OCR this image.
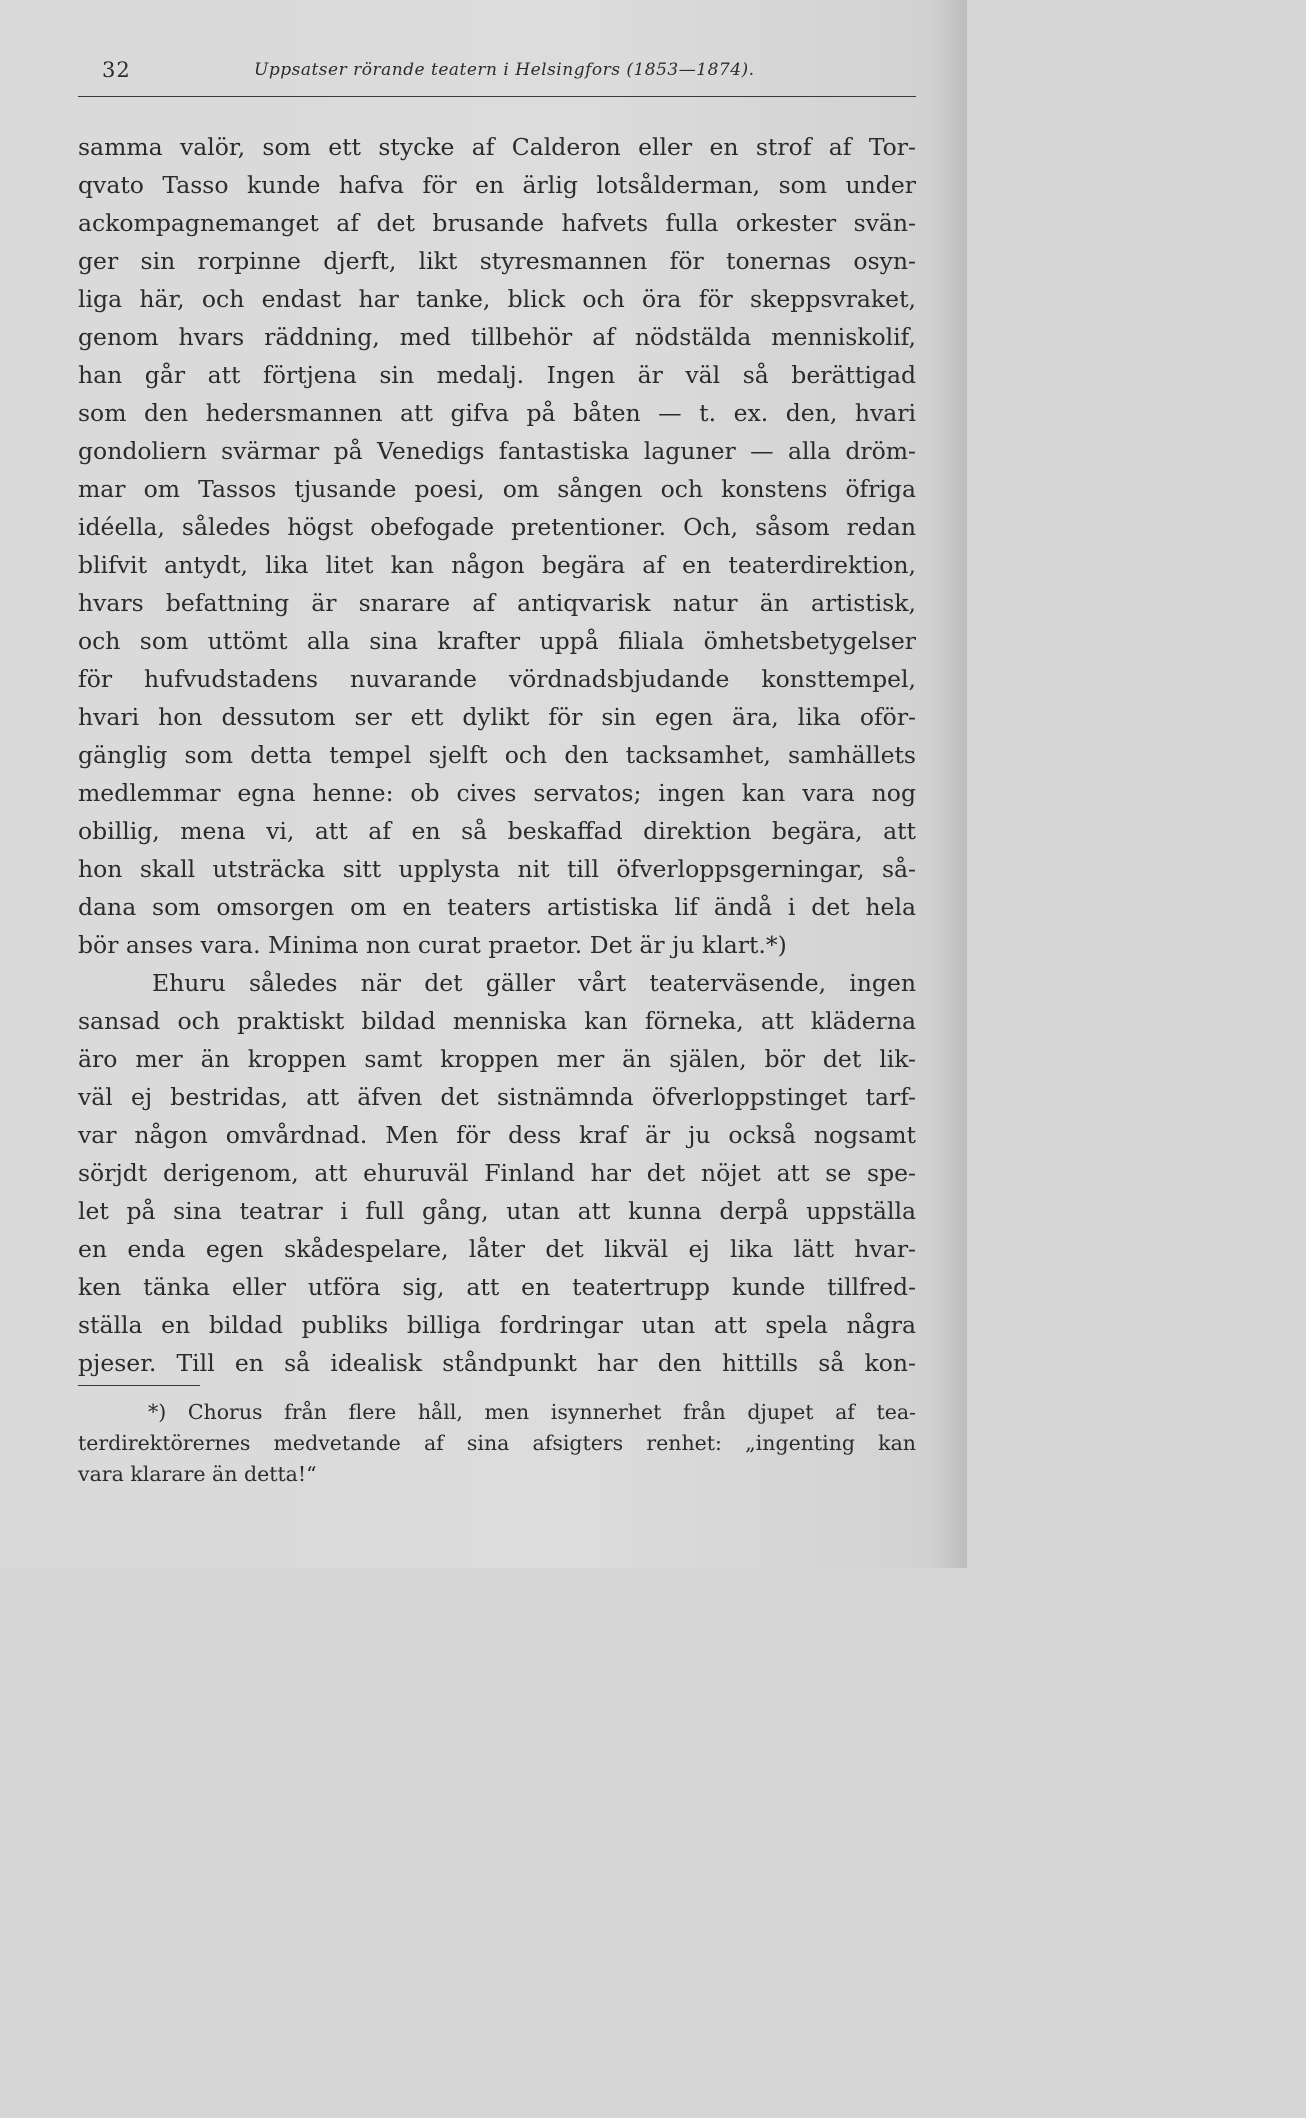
32	Uppsatser rörande teatern i Helsingfors (1853—1874).
samma valör, som ett stycke af Calderon eller en strof af Tor-
qvato Tasso kunde hafva för en ärlig lotsålderman, som under
ackompagnemanget af det brusande hafvets fulla orkester svän-
ger sin rorpinne djerft, likt styresmannen för tonernas osyn-
liga här, och endast har tanke, blick och öra för skeppsvraket,
genom hvars räddning, med tillbehör af nödstälda menniskolif,
han går att förtjena sin medalj. Ingen är väl så berättigad
som den hedersmannen att gifva på båten — t. ex. den, hvari
gondoliern svärmar på Venedigs fantastiska laguner — alla dröm-
mar om Tassos tjusande poesi, om sången och konstens öfriga
idéella, således högst obefogade pretentioner. Och, såsom redan
blifvit antydt, lika litet kan någon begära af en teaterdirektion,
hvars befattning är snarare af antiqvarisk natur än artistisk,
och som uttömt alla sina krafter uppå filiala ömhetsbetygelser
för hufvudstadens nuvarande vördnadsbjudande konsttempel,
hvari hon dessutom ser ett dylikt för sin egen ära, lika oför-
gänglig som detta tempel sjelft och den tacksamhet, samhällets
medlemmar egna henne: ob cives servatos; ingen kan vara nog
obillig, mena vi, att af en så beskaffad direktion begära, att
hon skall utsträcka sitt upplysta nit till öfverloppsgerningar, så-
dana som omsorgen om en teaters artistiska lif ändå i det hela
bör anses vara. Minima non curat praetor. Det är ju klart.*)
Ehuru således när det gäller vårt teaterväsende, ingen
sansad och praktiskt bildad menniska kan förneka, att kläderna
äro mer än kroppen samt kroppen mer än själen, bör det lik-
väl ej bestridas, att äfven det sistnämnda öfverloppstinget tarf-
var någon omvårdnad. Men för dess kraf är ju också nogsamt
sörjdt derigenom, att ehuruväl Finland har det nöjet att se spe-
let på sina teatrar i full gång, utan att kunna derpå uppställa
en enda egen skådespelare, låter det likväl ej lika lätt hvar-
ken tänka eller utföra sig, att en teatertrupp kunde tillfred-
ställa en bildad publiks billiga fordringar utan att spela några
pjeser. Till en så idealisk ståndpunkt har den hittills så kon-
*) Chorus från flere håll, men isynnerhet från djupet af tea-
terdirektörernes medvetande af sina afsigters renhet: „ingenting kan
vara klarare än detta!“
